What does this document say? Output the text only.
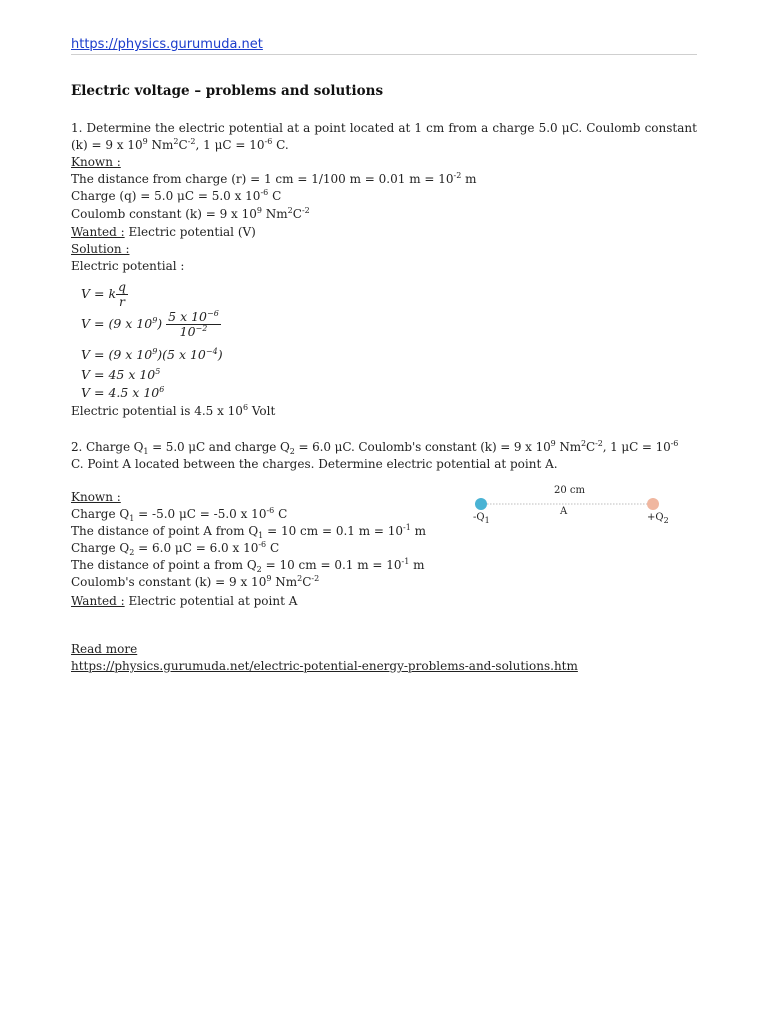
https://physics.gurumuda.net
Electric voltage – problems and solutions
1. Determine the electric potential at a point located at 1 cm from a charge 5.0 μC. Coulomb constant
(k) = 9 x $10^9$ $Nm^2C^{-2}$, 1 $\mu C = 10^{-6}$ C.
Known :
The distance from charge (r) = 1 cm = 1/100 m = 0.01 $m = 10^{-2}$ m
Charge (q) = 5.0 μC = 5.0 x $10^{-6}$ C
Coulomb constant (k) = 9 x $10^9$ $Nm^2C^{-2}$
Wanted : Electric potential (V)
Solution :
Electric potential :
V = k $\frac{q}{r}$
V = (9 x $10^9) \frac{5 x 10^{-6}}{10^{-2}}$
V = (9 x $10^9)(5$ x $10^{-4}$)
V = 45 x $10^5$
V = 4.5 x $10^6$
Electric potential is 4.5 x $10^6$ Volt
2. Charge $Q_1 = 5.0$ μC and charge $Q_2 = 6.0$ μC. Coulomb's constant (k) = 9 x $10^9$ $Nm^2C^{-2}$, 1 $\mu C = 10^{-6}$
C. Point A located between the charges. Determine electric potential at point A.
Known :
Charge $Q_1 = -5.0$ μC = -5.0 x $10^{-6}$ C
The distance of point A from $Q_1 = 10$ cm = 0.1 $m = 10^{-1}$ m
Charge $Q_2 = 6.0$ μC = 6.0 x $10^{-6}$ C
The distance of point a from $Q_2 = 10$ cm = 0.1 $m = 10^{-1}$ m
Coulomb's constant (k) = 9 x $10^9$ $Nm^2C^{-2}$
Wanted : Electric potential at point A
20 cm
$-Q_1$
A
$+Q_2$
Read more
https://physics.gurumuda.net/electric-potential-energy-problems-and-solutions.htm
